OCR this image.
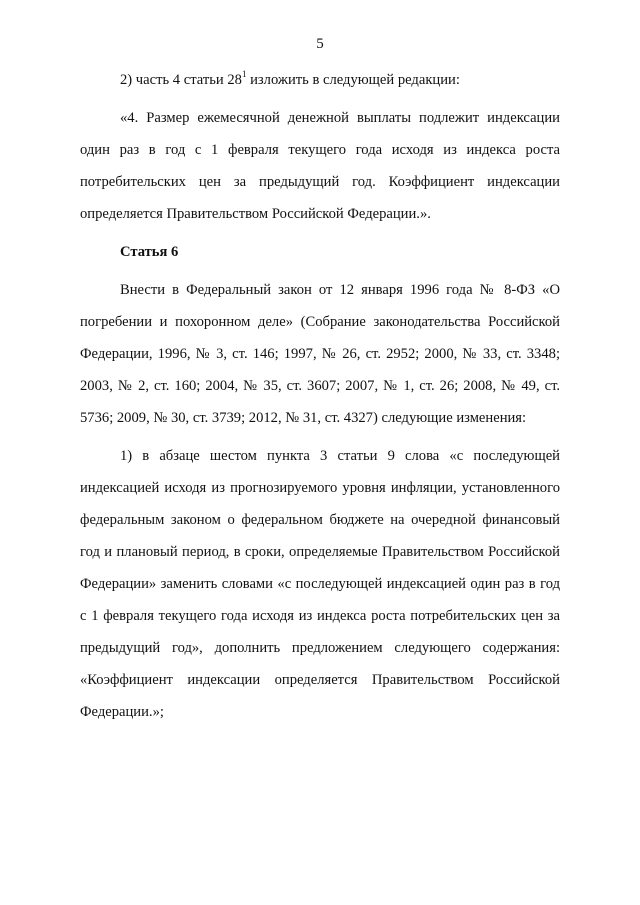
5

2) часть 4 статьи $28^1$ изложить в следующей редакции:

«4. Размер ежемесячной денежной выплаты подлежит индексации один раз в год с 1 февраля текущего года исходя из индекса роста потребительских цен за предыдущий год. Коэффициент индексации определяется Правительством Российской Федерации.».

Статья 6

Внести в Федеральный закон от 12 января 1996 года № 8-ФЗ «О погребении и похоронном деле» (Собрание законодательства Российской Федерации, 1996, № 3, ст. 146; 1997, № 26, ст. 2952; 2000, № 33, ст. 3348; 2003, № 2, ст. 160; 2004, № 35, ст. 3607; 2007, № 1, ст. 26; 2008, № 49, ст. 5736; 2009, № 30, ст. 3739; 2012, № 31, ст. 4327) следующие изменения:

1) в абзаце шестом пункта 3 статьи 9 слова «с последующей индексацией исходя из прогнозируемого уровня инфляции, установленного федеральным законом о федеральном бюджете на очередной финансовый год и плановый период, в сроки, определяемые Правительством Российской Федерации» заменить словами «с последующей индексацией один раз в год с 1 февраля текущего года исходя из индекса роста потребительских цен за предыдущий год», дополнить предложением следующего содержания: «Коэффициент индексации определяется Правительством Российской Федерации.»;
